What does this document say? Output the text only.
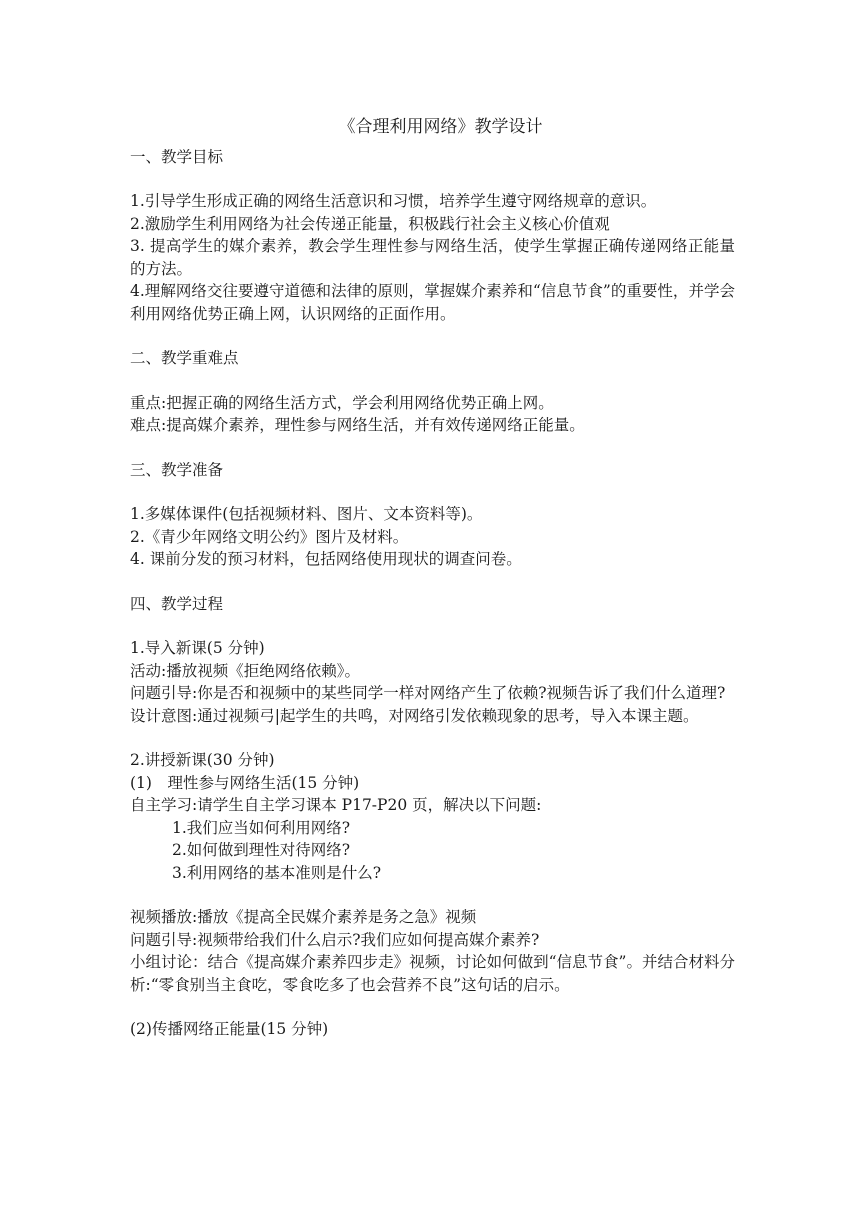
《合理利用网络》教学设计

一、教学目标

1.引导学生形成正确的网络生活意识和习惯，培养学生遵守网络规章的意识。

2.激励学生利用网络为社会传递正能量，积极践行社会主义核心价值观

3. 提高学生的媒介素养，教会学生理性参与网络生活，使学生掌握正确传递网络正能量的方法。

4.理解网络交往要遵守道德和法律的原则，掌握媒介素养和“信息节食”的重要性，并学会利用网络优势正确上网，认识网络的正面作用。

二、教学重难点

重点:把握正确的网络生活方式，学会利用网络优势正确上网。

难点:提高媒介素养，理性参与网络生活，并有效传递网络正能量。

三、教学准备

1.多媒体课件(包括视频材料、图片、文本资料等)。

2.《青少年网络文明公约》图片及材料。

4. 课前分发的预习材料，包括网络使用现状的调查问卷。

四、教学过程

1.导入新课(5 分钟)

活动:播放视频《拒绝网络依赖》。

问题引导:你是否和视频中的某些同学一样对网络产生了依赖?视频告诉了我们什么道理?

设计意图:通过视频弓|起学生的共鸣，对网络引发依赖现象的思考，导入本课主题。

2.讲授新课(30 分钟)

(1)　理性参与网络生活(15 分钟)

自主学习:请学生自主学习课本 P17-P20 页，解决以下问题:

1.我们应当如何利用网络?

2.如何做到理性对待网络?

3.利用网络的基本准则是什么?

视频播放:播放《提高全民媒介素养是务之急》视频

问题引导:视频带给我们什么启示?我们应如何提高媒介素养?

小组讨论：结合《提高媒介素养四步走》视频，讨论如何做到“信息节食”。并结合材料分析:“零食别当主食吃，零食吃多了也会营养不良”这句话的启示。

(2)传播网络正能量(15 分钟)
